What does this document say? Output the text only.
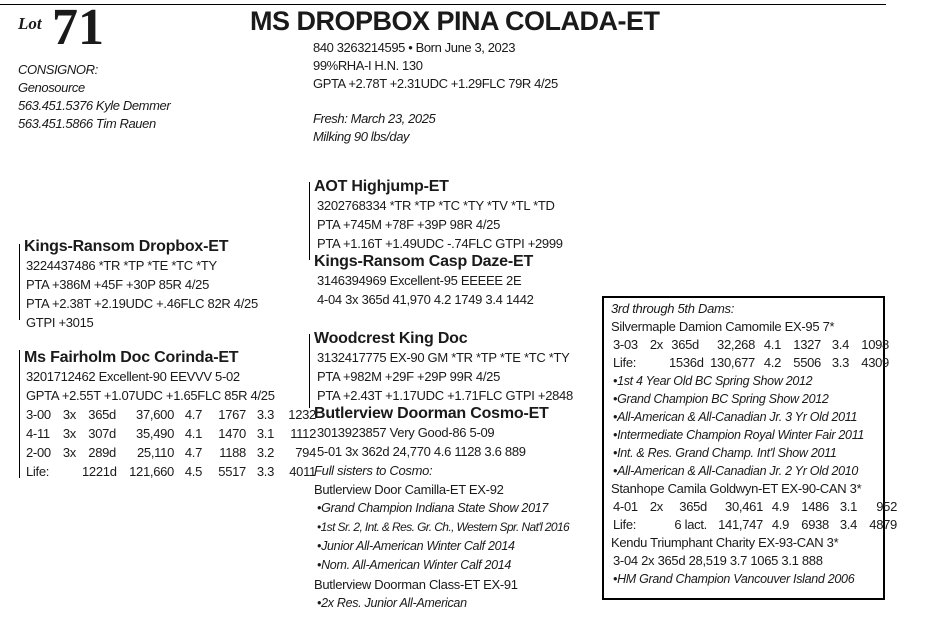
Lot 71	MS DROPBOX PINA COLADA-ET
840 3263214595 • Born June 3, 2023
99%RHA-I H.N. 130
GPTA +2.78T +2.31UDC +1.29FLC 79R 4/25
Fresh: March 23, 2025
Milking 90 lbs/day
CONSIGNOR:
Genosource
563.451.5376 Kyle Demmer
563.451.5866 Tim Rauen
Kings-Ransom Dropbox-ET
3224437486 *TR *TP *TE *TC *TY
PTA +386M +45F +30P 85R 4/25
PTA +2.38T +2.19UDC +.46FLC 82R 4/25
GTPI +3015
Ms Fairholm Doc Corinda-ET
3201712462 Excellent-90 EEVVV 5-02
GPTA +2.55T +1.07UDC +1.65FLC 85R 4/25
3-00 3x 365d	37,600 4.7	1767 3.3	1232
4-11	3x 307d	35,490 4.1	1470 3.1	1112
2-00 3x 289d	25,110 4.7	1188 3.2	794
Life:	1221d 121,660 4.5	5517 3.3	4011
AOT Highjump-ET
3202768334 *TR *TP *TC *TY *TV *TL *TD
PTA +745M +78F +39P 98R 4/25
PTA +1.16T +1.49UDC -.74FLC GTPI +2999
Kings-Ransom Casp Daze-ET
3146394969 Excellent-95 EEEEE 2E
4-04 3x 365d 41,970 4.2 1749 3.4 1442
Woodcrest King Doc
3132417775 EX-90 GM *TR *TP *TE *TC *TY
PTA +982M +29F +29P 99R 4/25
PTA +2.43T +1.17UDC +1.71FLC GTPI +2848
Butlerview Doorman Cosmo-ET
3013923857 Very Good-86 5-09
5-01 3x 362d 24,770 4.6 1128 3.6 889
Full sisters to Cosmo:
Butlerview Door Camilla-ET EX-92
•Grand Champion Indiana State Show 2017
•1st Sr. 2, Int. & Res. Gr. Ch., Western Spr. Nat'l 2016
•Junior All-American Winter Calf 2014
•Nom. All-American Winter Calf 2014
Butlerview Doorman Class-ET EX-91
•2x Res. Junior All-American
3rd through 5th Dams:
Silvermaple Damion Camomile EX-95 7*
3-03 2x 365d	32,268 4.1 1327 3.4 1098
Life:	1536d 130,677 4.2 5506 3.3 4309
•1st 4 Year Old BC Spring Show 2012
•Grand Champion BC Spring Show 2012
•All-American & All-Canadian Jr. 3 Yr Old 2011
•Intermediate Champion Royal Winter Fair 2011
•Int. & Res. Grand Champ. Int'l Show 2011
•All-American & All-Canadian Jr. 2 Yr Old 2010
Stanhope Camila Goldwyn-ET EX-90-CAN 3*
4-01 2x	365d	30,461 4.9 1486 3.1	952
Life:	6 lact. 141,747 4.9 6938 3.4 4879
Kendu Triumphant Charity EX-93-CAN 3*
3-04 2x 365d 28,519 3.7 1065 3.1 888
•HM Grand Champion Vancouver Island 2006
